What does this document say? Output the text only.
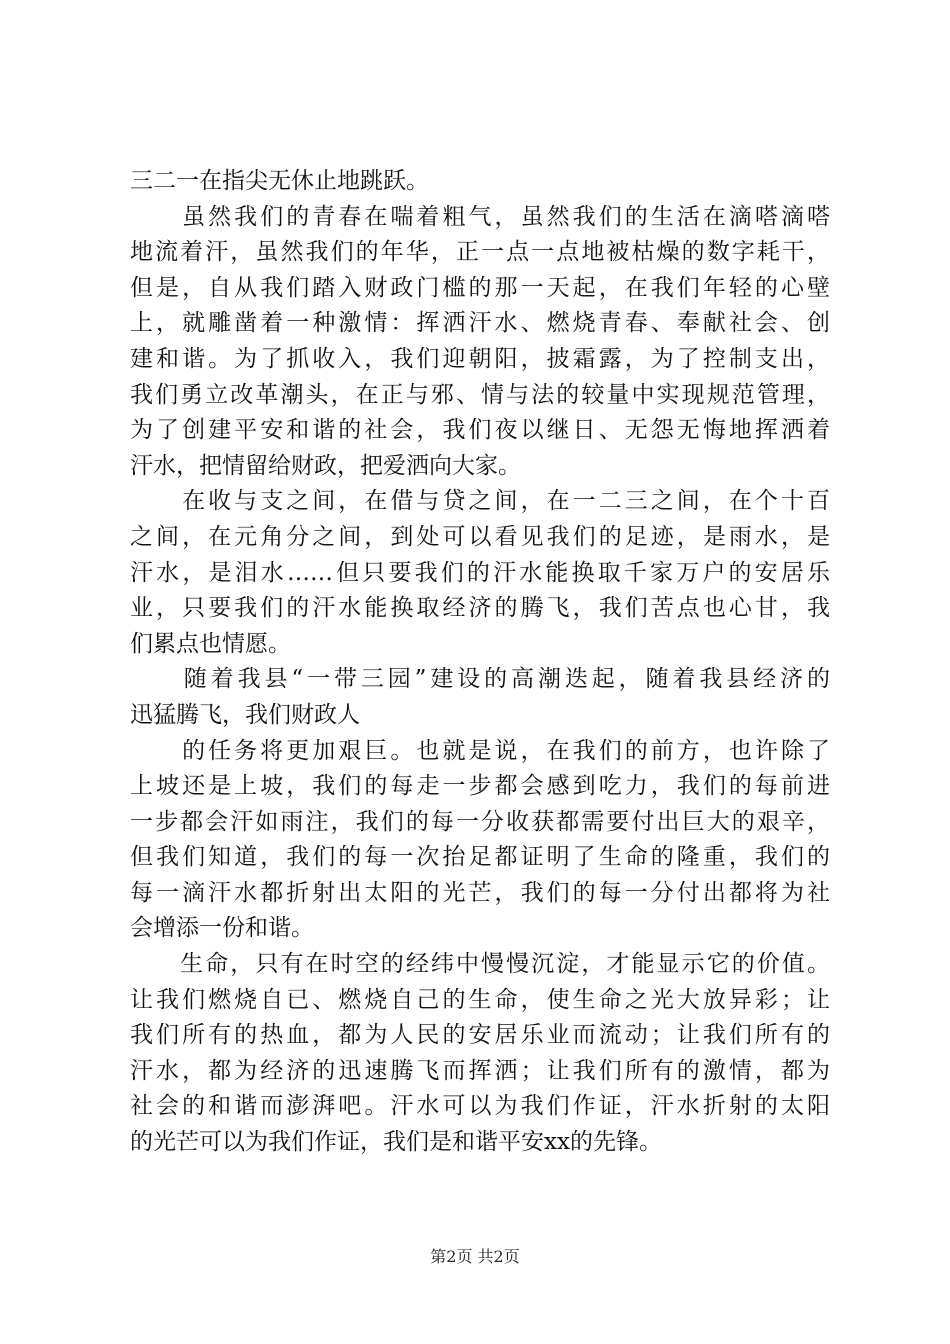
三二一在指尖无休止地跳跃。
　　虽然我们的青春在喘着粗气，虽然我们的生活在滴嗒滴嗒
地流着汗，虽然我们的年华，正一点一点地被枯燥的数字耗干，
但是，自从我们踏入财政门槛的那一天起，在我们年轻的心壁
上，就雕凿着一种激情：挥洒汗水、燃烧青春、奉献社会、创
建和谐。为了抓收入，我们迎朝阳，披霜露，为了控制支出，
我们勇立改革潮头，在正与邪、情与法的较量中实现规范管理，
为了创建平安和谐的社会，我们夜以继日、无怨无悔地挥洒着
汗水，把情留给财政，把爱洒向大家。
　　在收与支之间，在借与贷之间，在一二三之间，在个十百
之间，在元角分之间，到处可以看见我们的足迹，是雨水，是
汗水，是泪水……但只要我们的汗水能换取千家万户的安居乐
业，只要我们的汗水能换取经济的腾飞，我们苦点也心甘，我
们累点也情愿。
　　随着我县“一带三园”建设的高潮迭起，随着我县经济的
迅猛腾飞，我们财政人
　　的任务将更加艰巨。也就是说，在我们的前方，也许除了
上坡还是上坡，我们的每走一步都会感到吃力，我们的每前进
一步都会汗如雨注，我们的每一分收获都需要付出巨大的艰辛，
但我们知道，我们的每一次抬足都证明了生命的隆重，我们的
每一滴汗水都折射出太阳的光芒，我们的每一分付出都将为社
会增添一份和谐。
　　生命，只有在时空的经纬中慢慢沉淀，才能显示它的价值。
让我们燃烧自已、燃烧自己的生命，使生命之光大放异彩；让
我们所有的热血，都为人民的安居乐业而流动；让我们所有的
汗水，都为经济的迅速腾飞而挥洒；让我们所有的激情，都为
社会的和谐而澎湃吧。汗水可以为我们作证，汗水折射的太阳
的光芒可以为我们作证，我们是和谐平安xx的先锋。
第2页 共2页
